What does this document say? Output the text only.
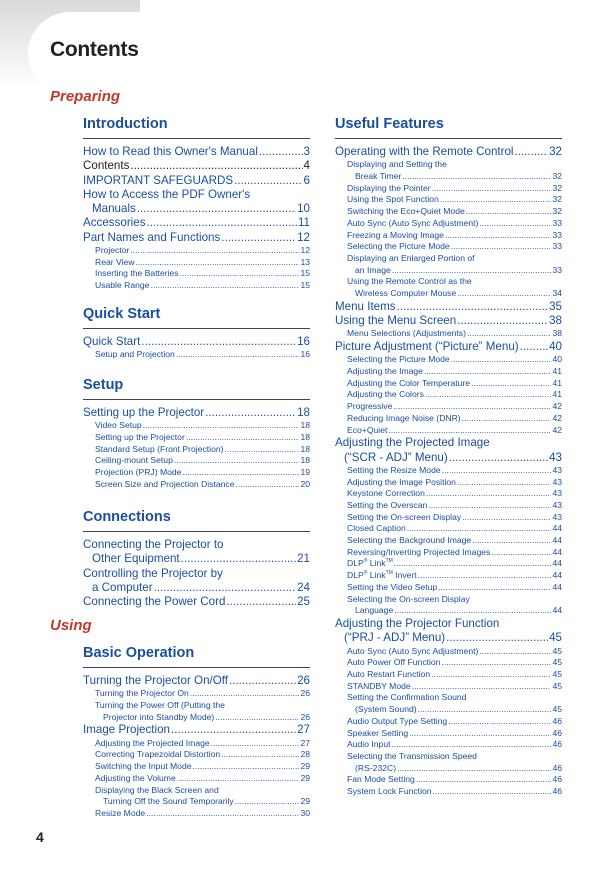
Contents
Preparing
Using
Introduction
How to Read this Owner's Manual .....	3
Contents .....	4
IMPORTANT SAFEGUARDS .....	6
How to Access the PDF Owner's
Manuals .....	10
Accessories .....	11
Part Names and Functions .....	12
Projector .....	12
Rear View .....	13
Inserting the Batteries .....	15
Usable Range .....	15
Quick Start
Quick Start .....	16
Setup and Projection .....	16
Setup
Setting up the Projector .....	18
Video Setup .....	18
Setting up the Projector .....	18
Standard Setup (Front Projection) .....	18
Ceiling-mount Setup .....	18
Projection (PRJ) Mode .....	19
Screen Size and Projection Distance .....	20
Connections
Connecting the Projector to
Other Equipment .....	21
Controlling the Projector by
a Computer .....	24
Connecting the Power Cord .....	25
Basic Operation
Turning the Projector On/Off .....	26
Turning the Projector On .....	26
Turning the Power Off (Putting the
Projector into Standby Mode) .....	26
Image Projection .....	27
Adjusting the Projected Image .....	27
Correcting Trapezoidal Distortion .....	28
Switching the Input Mode .....	29
Adjusting the Volume .....	29
Displaying the Black Screen and
Turning Off the Sound Temporarily .....	29
Resize Mode .....	30
Useful Features
Operating with the Remote Control .....	32
Displaying and Setting the
Break Timer .....	32
Displaying the Pointer .....	32
Using the Spot Function .....	32
Switching the Eco+Quiet Mode .....	32
Auto Sync (Auto Sync Adjustment) .....	33
Freezing a Moving Image .....	33
Selecting the Picture Mode .....	33
Displaying an Enlarged Portion of
an Image .....	33
Using the Remote Control as the
Wireless Computer Mouse .....	34
Menu Items .....	35
Using the Menu Screen .....	38
Menu Selections (Adjustments) .....	38
Picture Adjustment (“Picture” Menu) .....	40
Selecting the Picture Mode .....	40
Adjusting the Image .....	41
Adjusting the Color Temperature .....	41
Adjusting the Colors .....	41
Progressive .....	42
Reducing Image Noise (DNR) .....	42
Eco+Quiet .....	42
Adjusting the Projected Image
(“SCR - ADJ” Menu) .....	43
Setting the Resize Mode .....	43
Adjusting the Image Position .....	43
Keystone Correction .....	43
Setting the Overscan .....	43
Setting the On-screen Display .....	43
Closed Caption .....	44
Selecting the Background Image .....	44
Reversing/Inverting Projected Images .....	44
DLP® Link™ .....	44
DLP® Link™ Invert .....	44
Setting the Video Setup .....	44
Selecting the On-screen Display
Language .....	44
Adjusting the Projector Function
(“PRJ - ADJ” Menu) .....	45
Auto Sync (Auto Sync Adjustment) .....	45
Auto Power Off Function .....	45
Auto Restart Function .....	45
STANDBY Mode .....	45
Setting the Confirmation Sound
(System Sound) .....	45
Audio Output Type Setting .....	46
Speaker Setting .....	46
Audio Input .....	46
Selecting the Transmission Speed
(RS-232C) .....	46
Fan Mode Setting .....	46
System Lock Function .....	46
4
